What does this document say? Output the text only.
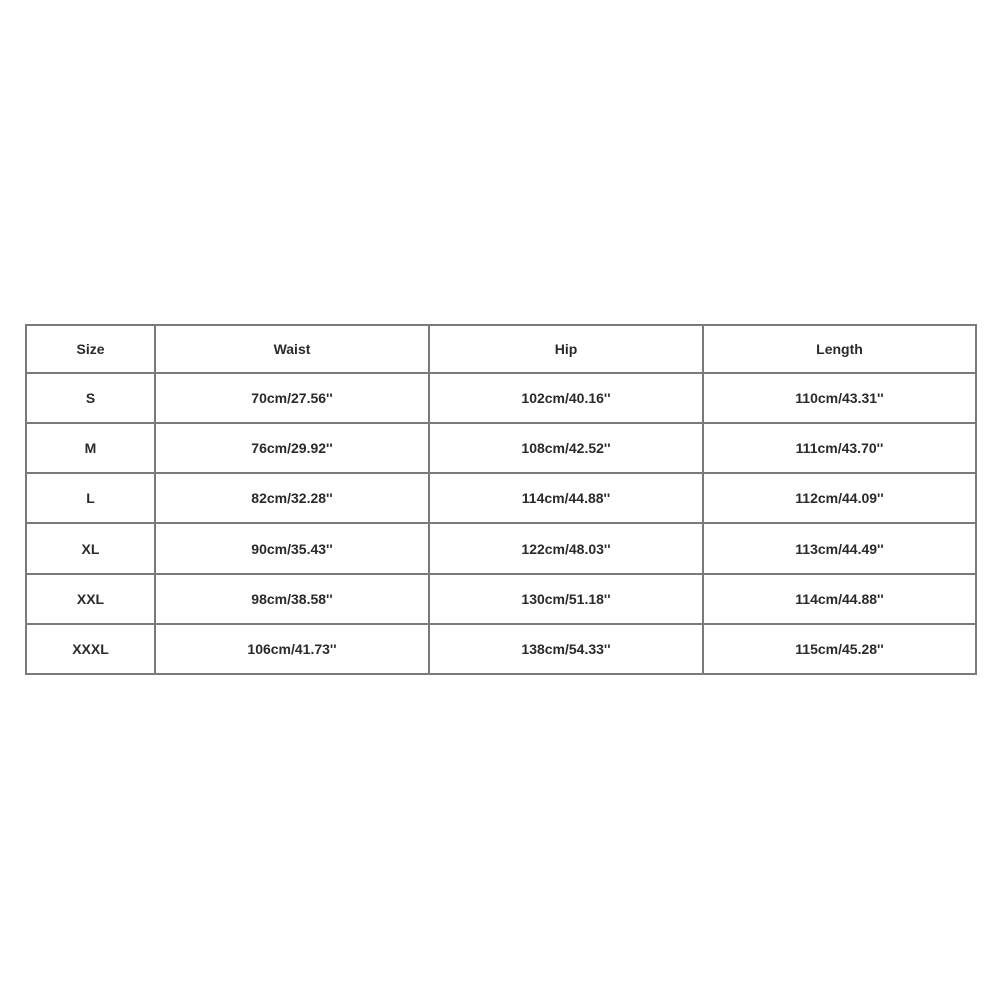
Size	Waist	Hip	Length
S	70cm/27.56''	102cm/40.16''	110cm/43.31''
M	76cm/29.92''	108cm/42.52''	111cm/43.70''
L	82cm/32.28''	114cm/44.88''	112cm/44.09''
XL	90cm/35.43''	122cm/48.03''	113cm/44.49''
XXL	98cm/38.58''	130cm/51.18''	114cm/44.88''
XXXL	106cm/41.73''	138cm/54.33''	115cm/45.28''
